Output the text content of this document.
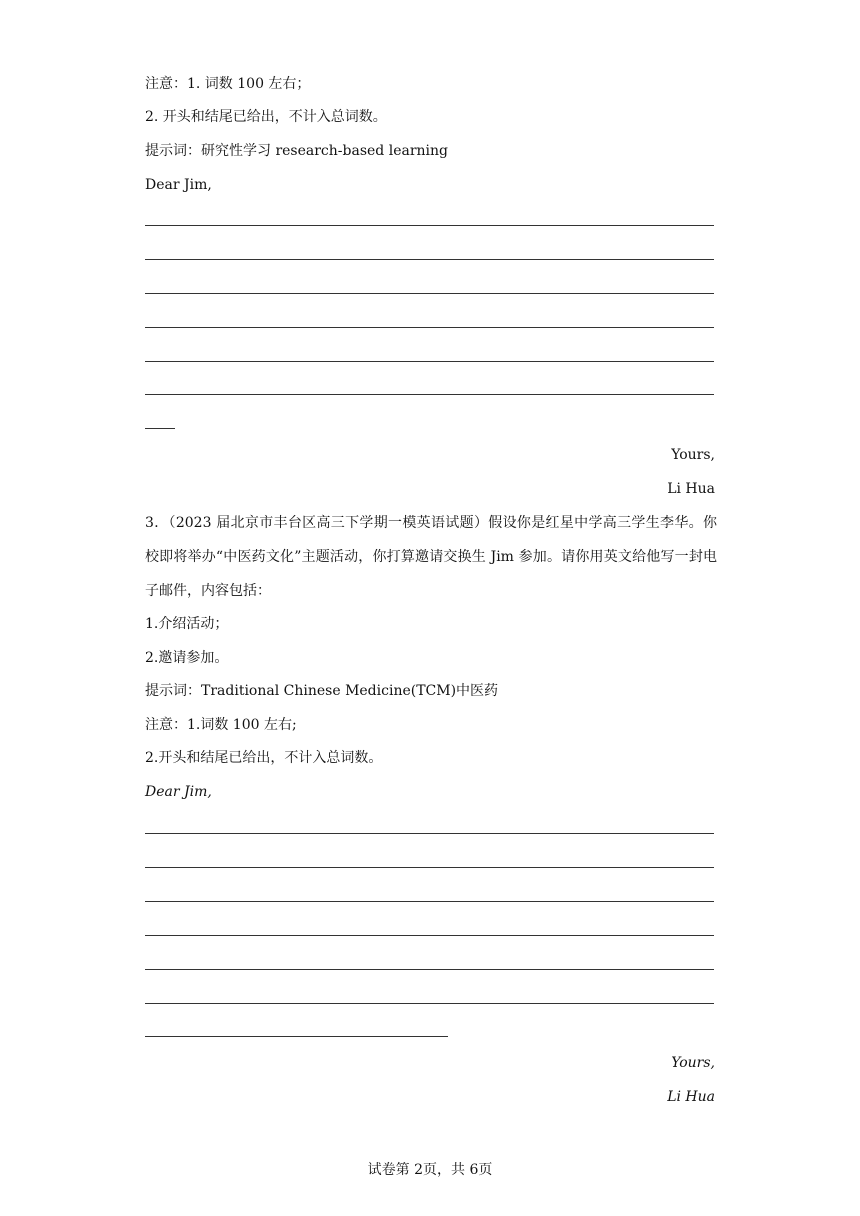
注意：1. 词数 100 左右；
2. 开头和结尾已给出，不计入总词数。
提示词：研究性学习 research-based learning
Dear Jim,
Yours,
Li Hua
3．（2023 届北京市丰台区高三下学期一模英语试题）假设你是红星中学高三学生李华。你校即将举办“中医药文化”主题活动，你打算邀请交换生 Jim 参加。请你用英文给他写一封电子邮件，内容包括：
1.介绍活动；
2.邀请参加。
提示词：Traditional Chinese Medicine(TCM)中医药
注意：1.词数 100 左右;
2.开头和结尾已给出，不计入总词数。
Dear Jim,
Yours,
Li Hua
试卷第 2页，共 6页
